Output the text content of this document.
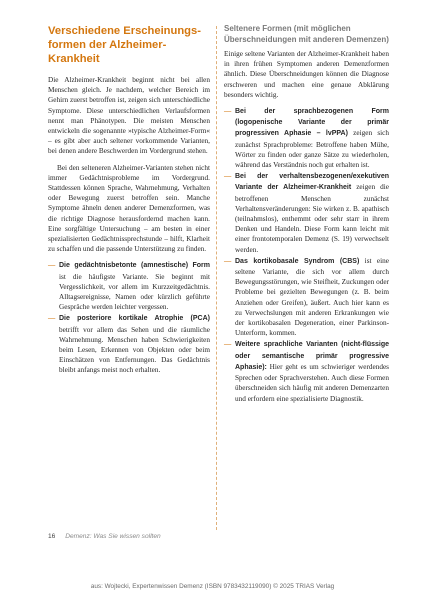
Verschiedene Erscheinungsformen der Alzheimer-Krankheit

Die Alzheimer-Krankheit beginnt nicht bei allen Menschen gleich. Je nachdem, welcher Bereich im Gehirn zuerst betroffen ist, zeigen sich unterschiedliche Symptome. Diese unterschiedlichen Verlaufsformen nennt man Phänotypen. Die meisten Menschen entwickeln die sogenannte »typische Alzheimer-Form« – es gibt aber auch seltener vorkommende Varianten, bei denen andere Beschwerden im Vordergrund stehen.

Bei den selteneren Alzheimer-Varianten stehen nicht immer Gedächtnisprobleme im Vordergrund. Stattdessen können Sprache, Wahrnehmung, Verhalten oder Bewegung zuerst betroffen sein. Manche Symptome ähneln denen anderer Demenzformen, was die richtige Diagnose herausfordernd machen kann. Eine sorgfältige Untersuchung – am besten in einer spezialisierten Gedächtnissprechstunde – hilft, Klarheit zu schaffen und die passende Unterstützung zu finden.

— Die gedächtnisbetonte (amnestische) Form ist die häufigste Variante. Sie beginnt mit Vergesslichkeit, vor allem im Kurzzeitgedächtnis. Alltagsereignisse, Namen oder kürzlich geführte Gespräche werden leichter vergessen.
— Die posteriore kortikale Atrophie (PCA) betrifft vor allem das Sehen und die räumliche Wahrnehmung. Menschen haben Schwierigkeiten beim Lesen, Erkennen von Objekten oder beim Einschätzen von Entfernungen. Das Gedächtnis bleibt anfangs meist noch erhalten.
Seltenere Formen (mit möglichen Überschneidungen mit anderen Demenzen)

Einige seltene Varianten der Alzheimer-Krankheit haben in ihren frühen Symptomen anderen Demenzformen ähnlich. Diese Überschneidungen können die Diagnose erschweren und machen eine genaue Abklärung besonders wichtig.

— Bei der sprachbezogenen Form (logopenische Variante der primär progressiven Aphasie – lvPPA) zeigen sich zunächst Sprachprobleme: Betroffene haben Mühe, Wörter zu finden oder ganze Sätze zu wiederholen, während das Verständnis noch gut erhalten ist.
— Bei der verhaltensbezogenen/exekutiven Variante der Alzheimer-Krankheit zeigen die betroffenen Menschen zunächst Verhaltensveränderungen: Sie wirken z. B. apathisch (teilnahmslos), enthemmt oder sehr starr in ihrem Denken und Handeln. Diese Form kann leicht mit einer frontotemporalen Demenz (S. 19) verwechselt werden.
— Das kortikobasale Syndrom (CBS) ist eine seltene Variante, die sich vor allem durch Bewegungsstörungen, wie Steifheit, Zuckungen oder Probleme bei gezielten Bewegungen (z. B. beim Anziehen oder Greifen), äußert. Auch hier kann es zu Verwechslungen mit anderen Erkrankungen wie der kortikobasalen Degeneration, einer Parkinson-Unterform, kommen.
— Weitere sprachliche Varianten (nicht-flüssige oder semantische primär progressive Aphasie): Hier geht es um schwieriger werdendes Sprechen oder Sprachverstehen. Auch diese Formen überschneiden sich häufig mit anderen Demenzarten und erfordern eine spezialisierte Diagnostik.
16 Demenz: Was Sie wissen sollten
aus: Wojtecki, Expertenwissen Demenz (ISBN 9783432119090) © 2025 TRIAS Verlag
